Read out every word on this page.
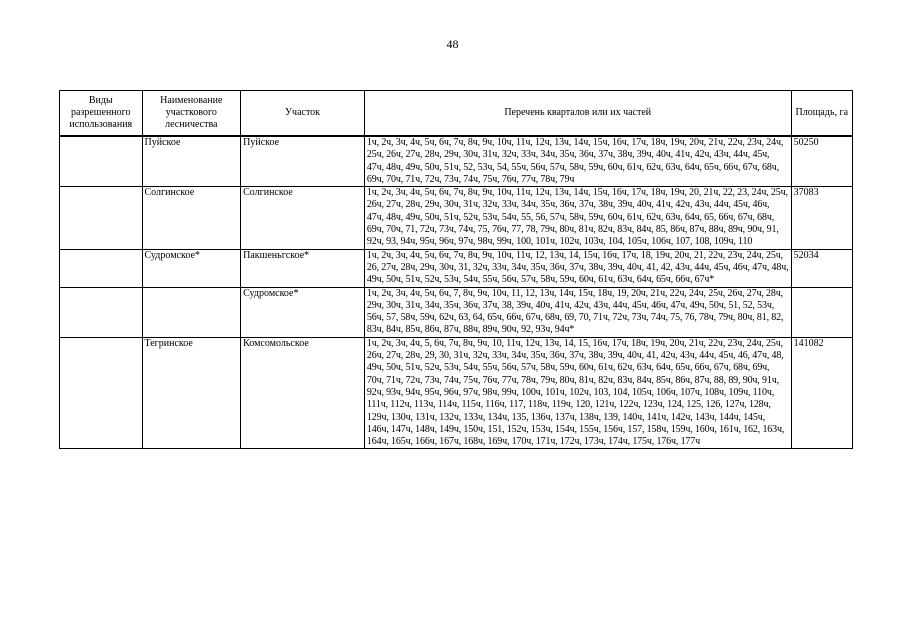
48
Виды разрешенного использования	Наименование участкового лесничества	Участок	Перечень кварталов или их частей	Площадь, га
	Пуйское	Пуйское	1ч, 2ч, 3ч, 4ч, 5ч, 6ч, 7ч, 8ч, 9ч, 10ч, 11ч, 12ч, 13ч, 14ч, 15ч, 16ч, 17ч, 18ч, 19ч, 20ч, 21ч, 22ч, 23ч, 24ч, 25ч, 26ч, 27ч, 28ч, 29ч, 30ч, 31ч, 32ч, 33ч, 34ч, 35ч, 36ч, 37ч, 38ч, 39ч, 40ч, 41ч, 42ч, 43ч, 44ч, 45ч, 47ч, 48ч, 49ч, 50ч, 51ч, 52, 53ч, 54, 55ч, 56ч, 57ч, 58ч, 59ч, 60ч, 61ч, 62ч, 63ч, 64ч, 65ч, 66ч, 67ч, 68ч, 69ч, 70ч, 71ч, 72ч, 73ч, 74ч, 75ч, 76ч, 77ч, 78ч, 79ч	50250
	Солгинское	Солгинское	1ч, 2ч, 3ч, 4ч, 5ч, 6ч, 7ч, 8ч, 9ч, 10ч, 11ч, 12ч, 13ч, 14ч, 15ч, 16ч, 17ч, 18ч, 19ч, 20, 21ч, 22, 23, 24ч, 25ч, 26ч, 27ч, 28ч, 29ч, 30ч, 31ч, 32ч, 33ч, 34ч, 35ч, 36ч, 37ч, 38ч, 39ч, 40ч, 41ч, 42ч, 43ч, 44ч, 45ч, 46ч, 47ч, 48ч, 49ч, 50ч, 51ч, 52ч, 53ч, 54ч, 55, 56, 57ч, 58ч, 59ч, 60ч, 61ч, 62ч, 63ч, 64ч, 65, 66ч, 67ч, 68ч, 69ч, 70ч, 71, 72ч, 73ч, 74ч, 75, 76ч, 77, 78, 79ч, 80ч, 81ч, 82ч, 83ч, 84ч, 85, 86ч, 87ч, 88ч, 89ч, 90ч, 91, 92ч, 93, 94ч, 95ч, 96ч, 97ч, 98ч, 99ч, 100, 101ч, 102ч, 103ч, 104, 105ч, 106ч, 107, 108, 109ч, 110	37083
	Судромское*	Пакшеньгское*	1ч, 2ч, 3ч, 4ч, 5ч, 6ч, 7ч, 8ч, 9ч, 10ч, 11ч, 12, 13ч, 14, 15ч, 16ч, 17ч, 18, 19ч, 20ч, 21, 22ч, 23ч, 24ч, 25ч, 26, 27ч, 28ч, 29ч, 30ч, 31, 32ч, 33ч, 34ч, 35ч, 36ч, 37ч, 38ч, 39ч, 40ч, 41, 42, 43ч, 44ч, 45ч, 46ч, 47ч, 48ч, 49ч, 50ч, 51ч, 52ч, 53ч, 54ч, 55ч, 56ч, 57ч, 58ч, 59ч, 60ч, 61ч, 63ч, 64ч, 65ч, 66ч, 67ч*	52034
		Судромское*	1ч, 2ч, 3ч, 4ч, 5ч, 6ч, 7, 8ч, 9ч, 10ч, 11, 12, 13ч, 14ч, 15ч, 18ч, 19, 20ч, 21ч, 22ч, 24ч, 25ч, 26ч, 27ч, 28ч, 29ч, 30ч, 31ч, 34ч, 35ч, 36ч, 37ч, 38, 39ч, 40ч, 41ч, 42ч, 43ч, 44ч, 45ч, 46ч, 47ч, 49ч, 50ч, 51, 52, 53ч, 56ч, 57, 58ч, 59ч, 62ч, 63, 64, 65ч, 66ч, 67ч, 68ч, 69, 70, 71ч, 72ч, 73ч, 74ч, 75, 76, 78ч, 79ч, 80ч, 81, 82, 83ч, 84ч, 85ч, 86ч, 87ч, 88ч, 89ч, 90ч, 92, 93ч, 94ч*	
	Тегринское	Комсомольское	1ч, 2ч, 3ч, 4ч, 5, 6ч, 7ч, 8ч, 9ч, 10, 11ч, 12ч, 13ч, 14, 15, 16ч, 17ч, 18ч, 19ч, 20ч, 21ч, 22ч, 23ч, 24ч, 25ч, 26ч, 27ч, 28ч, 29, 30, 31ч, 32ч, 33ч, 34ч, 35ч, 36ч, 37ч, 38ч, 39ч, 40ч, 41, 42ч, 43ч, 44ч, 45ч, 46, 47ч, 48, 49ч, 50ч, 51ч, 52ч, 53ч, 54ч, 55ч, 56ч, 57ч, 58ч, 59ч, 60ч, 61ч, 62ч, 63ч, 64ч, 65ч, 66ч, 67ч, 68ч, 69ч, 70ч, 71ч, 72ч, 73ч, 74ч, 75ч, 76ч, 77ч, 78ч, 79ч, 80ч, 81ч, 82ч, 83ч, 84ч, 85ч, 86ч, 87ч, 88, 89, 90ч, 91ч, 92ч, 93ч, 94ч, 95ч, 96ч, 97ч, 98ч, 99ч, 100ч, 101ч, 102ч, 103, 104, 105ч, 106ч, 107ч, 108ч, 109ч, 110ч, 111ч, 112ч, 113ч, 114ч, 115ч, 116ч, 117, 118ч, 119ч, 120, 121ч, 122ч, 123ч, 124, 125, 126, 127ч, 128ч, 129ч, 130ч, 131ч, 132ч, 133ч, 134ч, 135, 136ч, 137ч, 138ч, 139, 140ч, 141ч, 142ч, 143ч, 144ч, 145ч, 146ч, 147ч, 148ч, 149ч, 150ч, 151, 152ч, 153ч, 154ч, 155ч, 156ч, 157, 158ч, 159ч, 160ч, 161ч, 162, 163ч, 164ч, 165ч, 166ч, 167ч, 168ч, 169ч, 170ч, 171ч, 172ч, 173ч, 174ч, 175ч, 176ч, 177ч	141082
